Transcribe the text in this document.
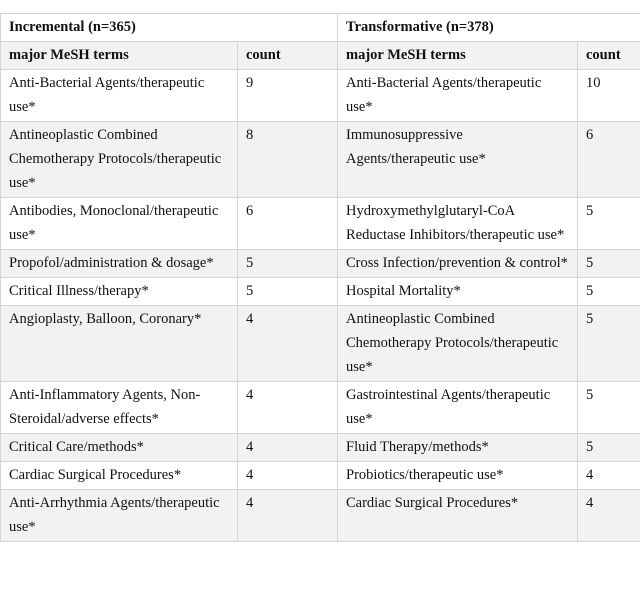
Incremental (n=365)		Transformative (n=378)	
major MeSH terms	count	major MeSH terms	count
Anti-Bacterial Agents/therapeutic use*	9	Anti-Bacterial Agents/therapeutic use*	10
Antineoplastic Combined Chemotherapy Protocols/therapeutic use*	8	Immunosuppressive Agents/therapeutic use*	6
Antibodies, Monoclonal/therapeutic use*	6	Hydroxymethylglutaryl-CoA Reductase Inhibitors/therapeutic use*	5
Propofol/administration & dosage*	5	Cross Infection/prevention & control*	5
Critical Illness/therapy*	5	Hospital Mortality*	5
Angioplasty, Balloon, Coronary*	4	Antineoplastic Combined Chemotherapy Protocols/therapeutic use*	5
Anti-Inflammatory Agents, Non-Steroidal/adverse effects*	4	Gastrointestinal Agents/therapeutic use*	5
Critical Care/methods*	4	Fluid Therapy/methods*	5
Cardiac Surgical Procedures*	4	Probiotics/therapeutic use*	4
Anti-Arrhythmia Agents/therapeutic use*	4	Cardiac Surgical Procedures*	4
